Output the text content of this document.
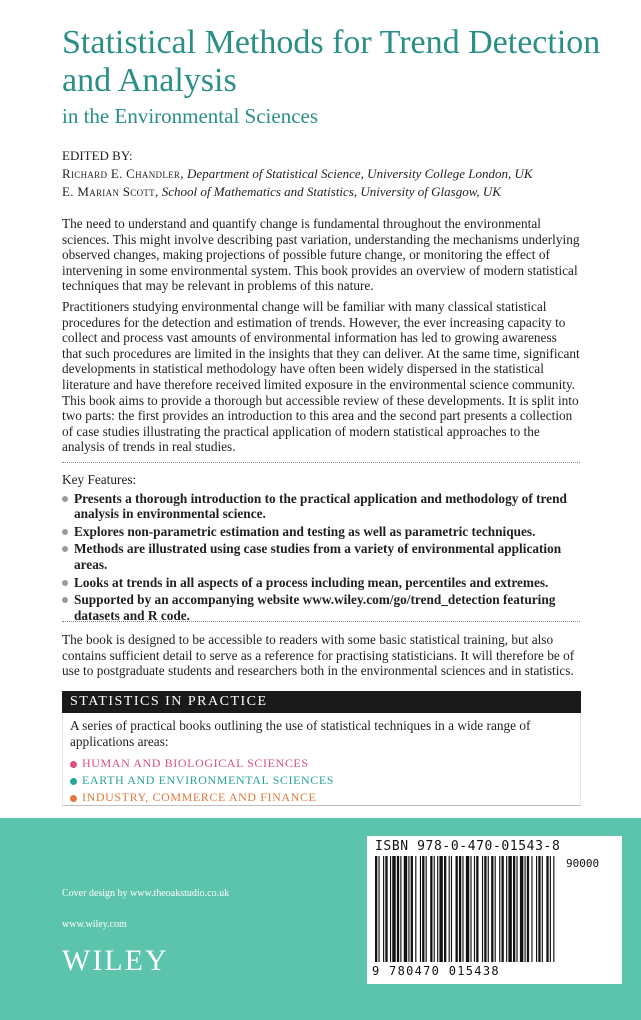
Statistical Methods for Trend Detection and Analysis
in the Environmental Sciences
EDITED BY:
Richard E. Chandler, Department of Statistical Science, University College London, UK
E. Marian Scott, School of Mathematics and Statistics, University of Glasgow, UK

The need to understand and quantify change is fundamental throughout the environmental sciences. This might involve describing past variation, understanding the mechanisms underlying observed changes, making projections of possible future change, or monitoring the effect of intervening in some environmental system. This book provides an overview of modern statistical techniques that may be relevant in problems of this nature.

Practitioners studying environmental change will be familiar with many classical statistical procedures for the detection and estimation of trends. However, the ever increasing capacity to collect and process vast amounts of environmental information has led to growing awareness that such procedures are limited in the insights that they can deliver. At the same time, significant developments in statistical methodology have often been widely dispersed in the statistical literature and have therefore received limited exposure in the environmental science community. This book aims to provide a thorough but accessible review of these developments. It is split into two parts: the first provides an introduction to this area and the second part presents a collection of case studies illustrating the practical application of modern statistical approaches to the analysis of trends in real studies.

Key Features:
Presents a thorough introduction to the practical application and methodology of trend analysis in environmental science.
Explores non-parametric estimation and testing as well as parametric techniques.
Methods are illustrated using case studies from a variety of environmental application areas.
Looks at trends in all aspects of a process including mean, percentiles and extremes.
Supported by an accompanying website www.wiley.com/go/trend_detection featuring datasets and R code.
The book is designed to be accessible to readers with some basic statistical training, but also contains sufficient detail to serve as a reference for practising statisticians. It will therefore be of use to postgraduate students and researchers both in the environmental sciences and in statistics.
STATISTICS IN PRACTICE
A series of practical books outlining the use of statistical techniques in a wide range of applications areas:
HUMAN AND BIOLOGICAL SCIENCES
EARTH AND ENVIRONMENTAL SCIENCES
INDUSTRY, COMMERCE AND FINANCE
Cover design by www.theoakstudio.co.uk
www.wiley.com
WILEY
ISBN 978-0-470-01543-8
90000
9 780470 015438
